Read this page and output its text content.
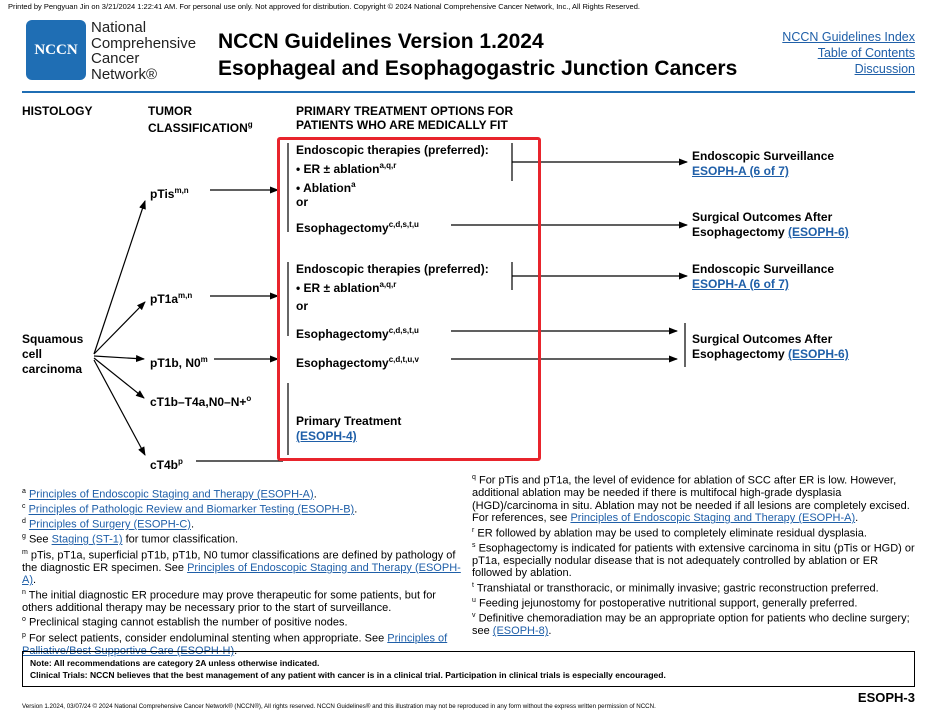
Printed by Pengyuan Jin on 3/21/2024 1:22:41 AM. For personal use only. Not approved for distribution. Copyright © 2024 National Comprehensive Cancer Network, Inc., All Rights Reserved.
NCCN
National
Comprehensive
Cancer
Network®
NCCN Guidelines Version 1.2024
Esophageal and Esophagogastric Junction Cancers
NCCN Guidelines Index
Table of Contents
Discussion
HISTOLOGY	TUMOR
CLASSIFICATION$^g$
PRIMARY TREATMENT OPTIONS FOR
PATIENTS WHO ARE MEDICALLY FIT
Squamous
cell
carcinoma
pTis$^{m,n}$
$pT1a^{m,n}$
pT1b, N0$^m$
cT1b–T4a,N0–N+$^o$
$cT4b^p$
Endoscopic therapies (preferred):
• ER ± ablation$^{a,q,r}$
• Ablation$^a$
or
Esophagectomy$^{c,d,s,t,u}$
Endoscopic therapies (preferred):
• ER ± ablation$^{a,q,r}$
or
Esophagectomy$^{c,d,s,t,u}$
Esophagectomy$^{c,d,t,u,v}$
Primary Treatment
(ESOPH-4)
Endoscopic Surveillance
ESOPH-A (6 of 7)
Surgical Outcomes After
Esophagectomy (ESOPH-6)
Endoscopic Surveillance
ESOPH-A (6 of 7)
Surgical Outcomes After
Esophagectomy (ESOPH-6)
$^a$ Principles of Endoscopic Staging and Therapy (ESOPH-A).
$^c$ Principles of Pathologic Review and Biomarker Testing (ESOPH-B).
$^d$ Principles of Surgery (ESOPH-C).
$^g$ See Staging (ST-1) for tumor classification.
$^m$ pTis, pT1a, superficial pT1b, pT1b, N0 tumor classifications are defined by pathology of the diagnostic ER specimen. See Principles of Endoscopic Staging and Therapy (ESOPH-A).
$^n$ The initial diagnostic ER procedure may prove therapeutic for some patients, but for others additional therapy may be necessary prior to the start of surveillance.
$^o$ Preclinical staging cannot establish the number of positive nodes.
$^p$ For select patients, consider endoluminal stenting when appropriate. See Principles of Palliative/Best Supportive Care (ESOPH-H).
$^q$ For pTis and pT1a, the level of evidence for ablation of SCC after ER is low. However, additional ablation may be needed if there is multifocal high-grade dysplasia (HGD)/carcinoma in situ. Ablation may not be needed if all lesions are completely excised. For references, see Principles of Endoscopic Staging and Therapy (ESOPH-A).
$^r$ ER followed by ablation may be used to completely eliminate residual dysplasia.
$^s$ Esophagectomy is indicated for patients with extensive carcinoma in situ (pTis or HGD) or pT1a, especially nodular disease that is not adequately controlled by ablation or ER followed by ablation.
$^t$ Transhiatal or transthoracic, or minimally invasive; gastric reconstruction preferred.
$^u$ Feeding jejunostomy for postoperative nutritional support, generally preferred.
$^v$ Definitive chemoradiation may be an appropriate option for patients who decline surgery; see (ESOPH-8).
Note: All recommendations are category 2A unless otherwise indicated.
Clinical Trials: NCCN believes that the best management of any patient with cancer is in a clinical trial. Participation in clinical trials is especially encouraged.
ESOPH-3
Version 1.2024, 03/07/24 © 2024 National Comprehensive Cancer Network® (NCCN®), All rights reserved. NCCN Guidelines® and this illustration may not be reproduced in any form without the express written permission of NCCN.
